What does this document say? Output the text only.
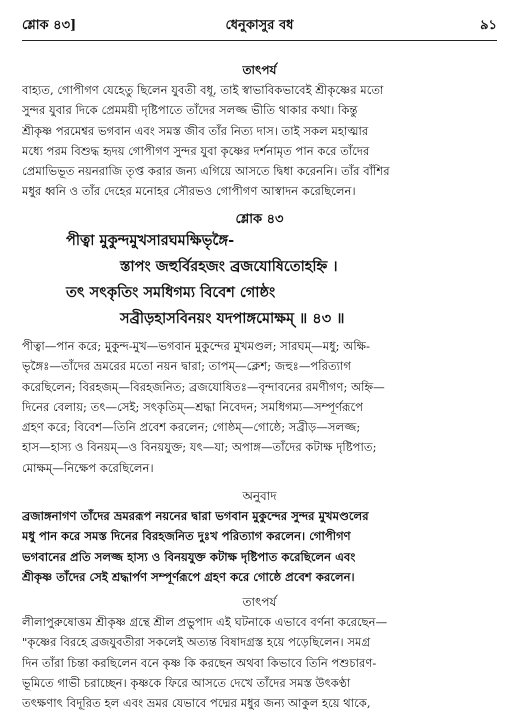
শ্লোক ৪৩]	ধেনুকাসুর বধ	৯১
তাৎপর্য

বাহ্যত, গোপীগণ যেহেতু ছিলেন যুবতী বধূ, তাই স্বাভাবিকভাবেই শ্রীকৃষ্ণের মতো
সুন্দর যুবার দিকে প্রেমময়ী দৃষ্টিপাতে তাঁদের সলজ্জ ভীতি থাকার কথা। কিন্তু
শ্রীকৃষ্ণ পরমেশ্বর ভগবান এবং সমস্ত জীব তাঁর নিত্য দাস। তাই সকল মহাত্মার
মধ্যে পরম বিশুদ্ধ হৃদয় গোপীগণ সুন্দর যুবা কৃষ্ণের দর্শনামৃত পান করে তাঁদের
প্রেমাভিভূত নয়নরাজি তৃপ্ত করার জন্য এগিয়ে আসতে দ্বিধা করেননি। তাঁর বাঁশির
মধুর ধ্বনি ও তাঁর দেহের মনোহর সৌরভও গোপীগণ আস্বাদন করেছিলেন।

শ্লোক ৪৩

পীত্বা মুকুন্দমুখসারঘমক্ষিভৃঙ্গৈ-
স্তাপং জহুর্বিরহজং ব্রজযোষিতোহহ্নি ।
তৎ সৎকৃতিং সমধিগম্য বিবেশ গোষ্ঠং
সব্রীড়হাসবিনয়ং যদপাঙ্গমোক্ষম্ ॥ ৪৩ ॥

পীত্বা—পান করে; মুকুন্দ-মুখ—ভগবান মুকুন্দের মুখমণ্ডল; সারঘম্—মধু; অক্ষি-
ভৃঙ্গৈঃ—তাঁদের ভ্রমরের মতো নয়ন দ্বারা; তাপম্—ক্লেশ; জহুঃ—পরিত্যাগ
করেছিলেন; বিরহজম্—বিরহজনিত; ব্রজযোষিতঃ—বৃন্দাবনের রমণীগণ; অহ্নি—
দিনের বেলায়; তৎ—সেই; সৎকৃতিম্—শ্রদ্ধা নিবেদন; সমধিগম্য—সম্পূর্ণরূপে
গ্রহণ করে; বিবেশ—তিনি প্রবেশ করলেন; গোষ্ঠম্—গোষ্ঠে; সব্রীড়—সলজ্জ;
হাস—হাস্য ও বিনয়ম্—ও বিনয়যুক্ত; যৎ—যা; অপাঙ্গ—তাঁদের কটাক্ষ দৃষ্টিপাত;
মোক্ষম্—নিক্ষেপ করেছিলেন।

অনুবাদ

ব্রজাঙ্গনাগণ তাঁদের ভ্রমররূপ নয়নের দ্বারা ভগবান মুকুন্দের সুন্দর মুখমণ্ডলের
মধু পান করে সমস্ত দিনের বিরহজনিত দুঃখ পরিত্যাগ করলেন। গোপীগণ
ভগবানের প্রতি সলজ্জ হাস্য ও বিনয়যুক্ত কটাক্ষ দৃষ্টিপাত করেছিলেন এবং
শ্রীকৃষ্ণ তাঁদের সেই শ্রদ্ধার্পণ সম্পূর্ণরূপে গ্রহণ করে গোষ্ঠে প্রবেশ করলেন।

তাৎপর্য

লীলাপুরুষোত্তম শ্রীকৃষ্ণ গ্রন্থে শ্রীল প্রভুপাদ এই ঘটনাকে এভাবে বর্ণনা করেছেন—
"কৃষ্ণের বিরহে ব্রজযুবতীরা সকলেই অত্যন্ত বিষাদগ্রস্ত হয়ে পড়েছিলেন। সমগ্র
দিন তাঁরা চিন্তা করছিলেন বনে কৃষ্ণ কি করছেন অথবা কিভাবে তিনি পশুচারণ-
ভূমিতে গাভী চরাচ্ছেন। কৃষ্ণকে ফিরে আসতে দেখে তাঁদের সমস্ত উৎকণ্ঠা
তৎক্ষণাৎ বিদূরিত হল এবং ভ্রমর যেভাবে পদ্মের মধুর জন্য আকুল হয়ে থাকে,
